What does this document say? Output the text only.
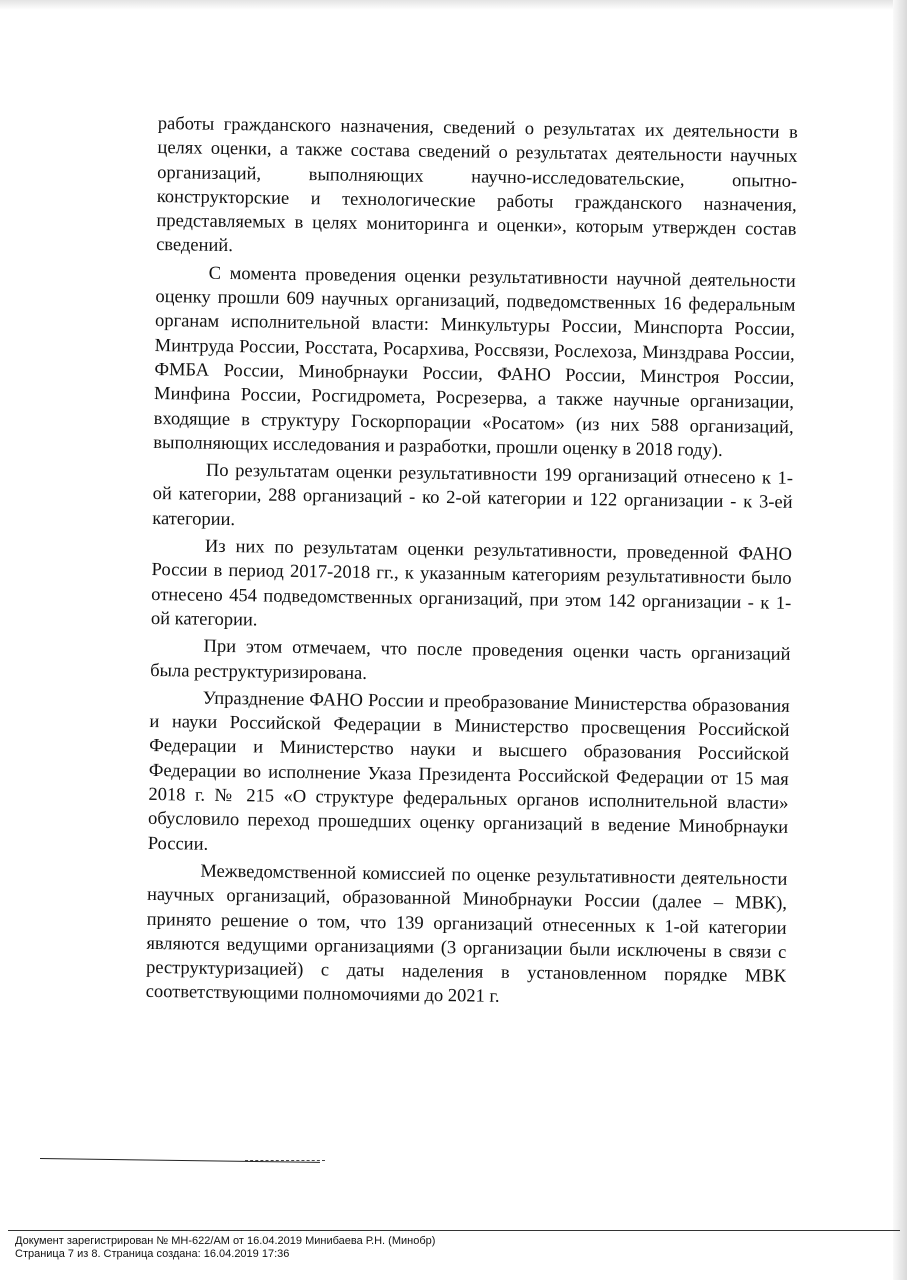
работы гражданского назначения, сведений о результатах их деятельности в целях оценки, а также состава сведений о результатах деятельности научных организаций, выполняющих научно-исследовательские, опытно-конструкторские и технологические работы гражданского назначения, представляемых в целях мониторинга и оценки», которым утвержден состав сведений.

С момента проведения оценки результативности научной деятельности оценку прошли 609 научных организаций, подведомственных 16 федеральным органам исполнительной власти: Минкультуры России, Минспорта России, Минтруда России, Росстата, Росархива, Россвязи, Рослехоза, Минздрава России, ФМБА России, Минобрнауки России, ФАНО России, Минстроя России, Минфина России, Росгидромета, Росрезерва, а также научные организации, входящие в структуру Госкорпорации «Росатом» (из них 588 организаций, выполняющих исследования и разработки, прошли оценку в 2018 году).

По результатам оценки результативности 199 организаций отнесено к 1-ой категории, 288 организаций - ко 2-ой категории и 122 организации - к 3-ей категории.

Из них по результатам оценки результативности, проведенной ФАНО России в период 2017-2018 гг., к указанным категориям результативности было отнесено 454 подведомственных организаций, при этом 142 организации - к 1-ой категории.

При этом отмечаем, что после проведения оценки часть организаций была реструктуризирована.

Упразднение ФАНО России и преобразование Министерства образования и науки Российской Федерации в Министерство просвещения Российской Федерации и Министерство науки и высшего образования Российской Федерации во исполнение Указа Президента Российской Федерации от 15 мая 2018 г. № 215 «О структуре федеральных органов исполнительной власти» обусловило переход прошедших оценку организаций в ведение Минобрнауки России.

Межведомственной комиссией по оценке результативности деятельности научных организаций, образованной Минобрнауки России (далее – МВК), принято решение о том, что 139 организаций отнесенных к 1-ой категории являются ведущими организациями (3 организации были исключены в связи с реструктуризацией) с даты наделения в установленном порядке МВК соответствующими полномочиями до 2021 г.

Документ зарегистрирован № МН-622/АМ от 16.04.2019 Минибаева Р.Н. (Минобр)
Страница 7 из 8. Страница создана: 16.04.2019 17:36
